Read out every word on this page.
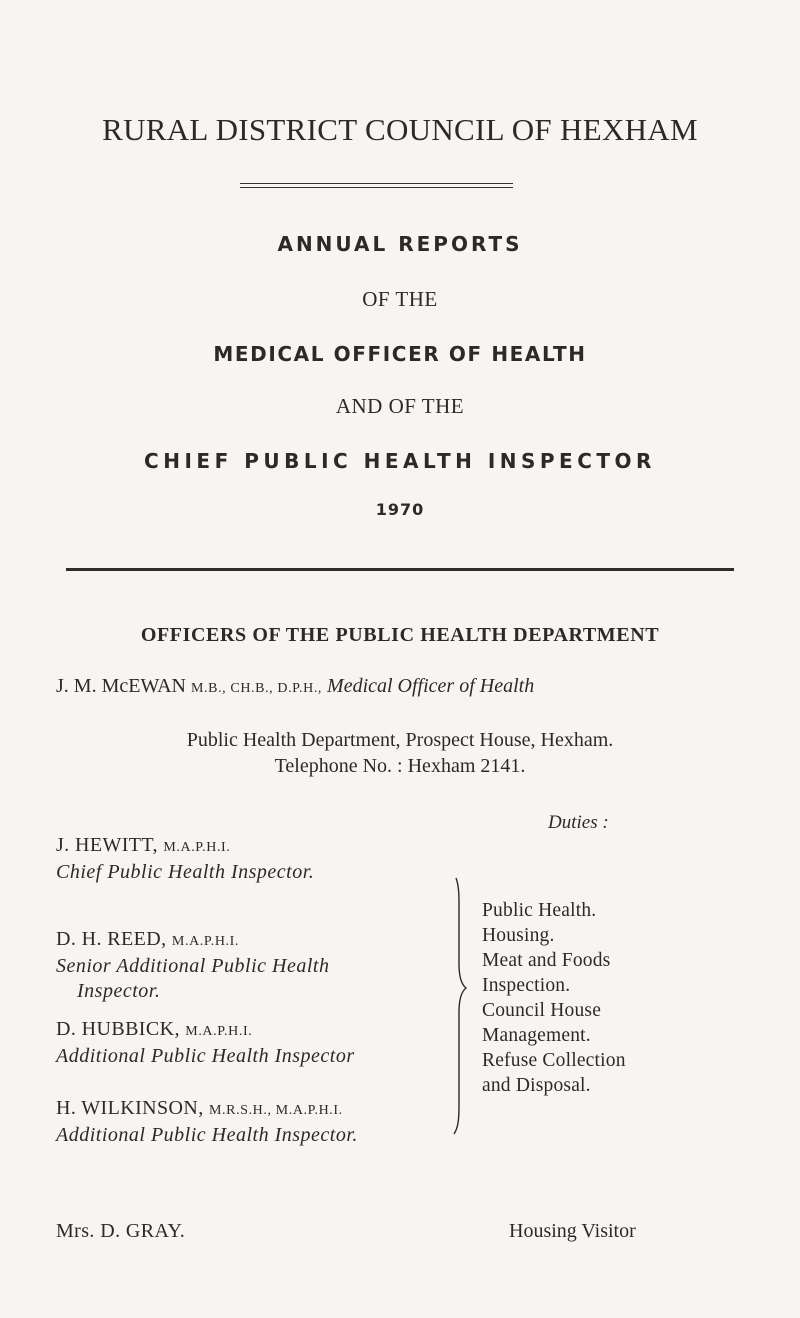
RURAL DISTRICT COUNCIL OF HEXHAM
ANNUAL REPORTS
OF THE
MEDICAL OFFICER OF HEALTH
AND OF THE
CHIEF PUBLIC HEALTH INSPECTOR
1970
OFFICERS OF THE PUBLIC HEALTH DEPARTMENT
J. M. McEWAN M.B., CH.B., D.P.H., Medical Officer of Health
Public Health Department, Prospect House, Hexham.
Telephone No. : Hexham 2141.
Duties :
J. HEWITT, M.A.P.H.I.
Chief Public Health Inspector.
D. H. REED, M.A.P.H.I.
Senior Additional Public Health
Inspector.
D. HUBBICK, M.A.P.H.I.
Additional Public Health Inspector
H. WILKINSON, M.R.S.H., M.A.P.H.I.
Additional Public Health Inspector.
Public Health.
Housing.
Meat and Foods
Inspection.
Council House
Management.
Refuse Collection
and Disposal.
Mrs. D. GRAY.	Housing Visitor
